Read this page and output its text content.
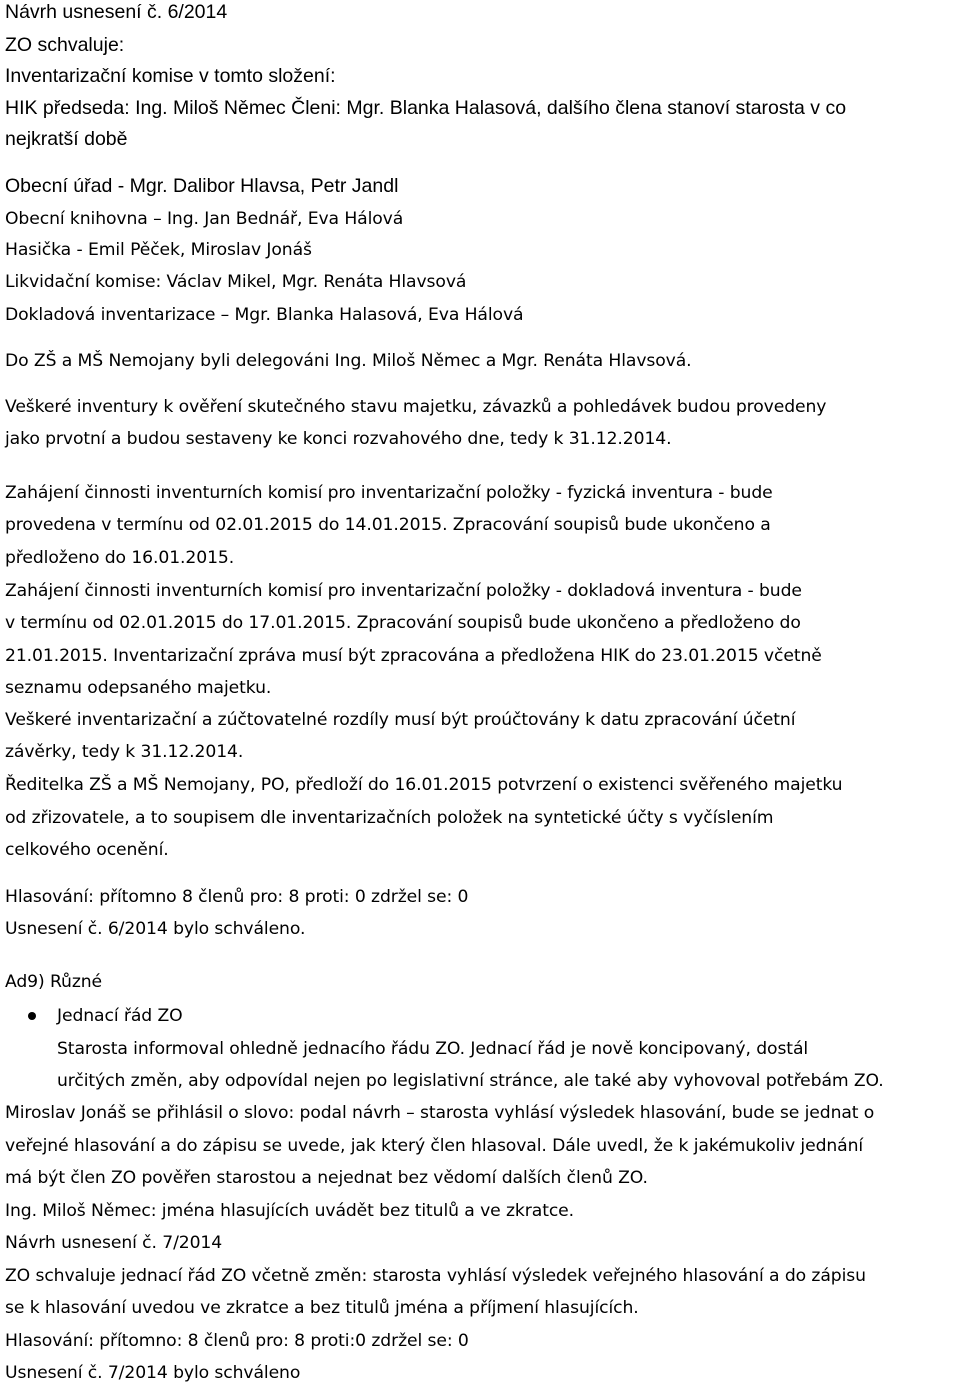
Návrh usnesení č. 6/2014
ZO schvaluje:
Inventarizační komise v tomto složení:
HIK předseda: Ing. Miloš Němec Členi: Mgr. Blanka Halasová, dalšího člena stanoví starosta v co
nejkratší době
Obecní úřad - Mgr. Dalibor Hlavsa, Petr Jandl
Obecní knihovna – Ing. Jan Bednář, Eva Hálová
Hasička - Emil Pěček, Miroslav Jonáš
Likvidační komise: Václav Mikel, Mgr. Renáta Hlavsová
Dokladová inventarizace – Mgr. Blanka Halasová, Eva Hálová
Do ZŠ a MŠ Nemojany byli delegováni Ing. Miloš Němec a Mgr. Renáta Hlavsová.
Veškeré inventury k ověření skutečného stavu majetku, závazků a pohledávek budou provedeny
jako prvotní a budou sestaveny ke konci rozvahového dne, tedy k 31.12.2014.
Zahájení činnosti inventurních komisí pro inventarizační položky - fyzická inventura - bude
provedena v termínu od 02.01.2015 do 14.01.2015. Zpracování soupisů bude ukončeno a
předloženo do 16.01.2015.
Zahájení činnosti inventurních komisí pro inventarizační položky - dokladová inventura - bude
v termínu od 02.01.2015 do 17.01.2015. Zpracování soupisů bude ukončeno a předloženo do
21.01.2015. Inventarizační zpráva musí být zpracována a předložena HIK do 23.01.2015 včetně
seznamu odepsaného majetku.
Veškeré inventarizační a zúčtovatelné rozdíly musí být proúčtovány k datu zpracování účetní
závěrky, tedy k 31.12.2014.
Ředitelka ZŠ a MŠ Nemojany, PO, předloží do 16.01.2015 potvrzení o existenci svěřeného majetku
od zřizovatele, a to soupisem dle inventarizačních položek na syntetické účty s vyčíslením
celkového ocenění.
Hlasování: přítomno 8 členů pro: 8 proti: 0 zdržel se: 0
Usnesení č. 6/2014 bylo schváleno.
Ad9) Různé
Jednací řád ZO
Starosta informoval ohledně jednacího řádu ZO. Jednací řád je nově koncipovaný, dostál
určitých změn, aby odpovídal nejen po legislativní stránce, ale také aby vyhovoval potřebám ZO.
Miroslav Jonáš se přihlásil o slovo: podal návrh – starosta vyhlásí výsledek hlasování, bude se jednat o
veřejné hlasování a do zápisu se uvede, jak který člen hlasoval. Dále uvedl, že k jakémukoliv jednání
má být člen ZO pověřen starostou a nejednat bez vědomí dalších členů ZO.
Ing. Miloš Němec: jména hlasujících uvádět bez titulů a ve zkratce.
Návrh usnesení č. 7/2014
ZO schvaluje jednací řád ZO včetně změn: starosta vyhlásí výsledek veřejného hlasování a do zápisu
se k hlasování uvedou ve zkratce a bez titulů jména a příjmení hlasujících.
Hlasování: přítomno: 8 členů pro: 8 proti:0 zdržel se: 0
Usnesení č. 7/2014 bylo schváleno
